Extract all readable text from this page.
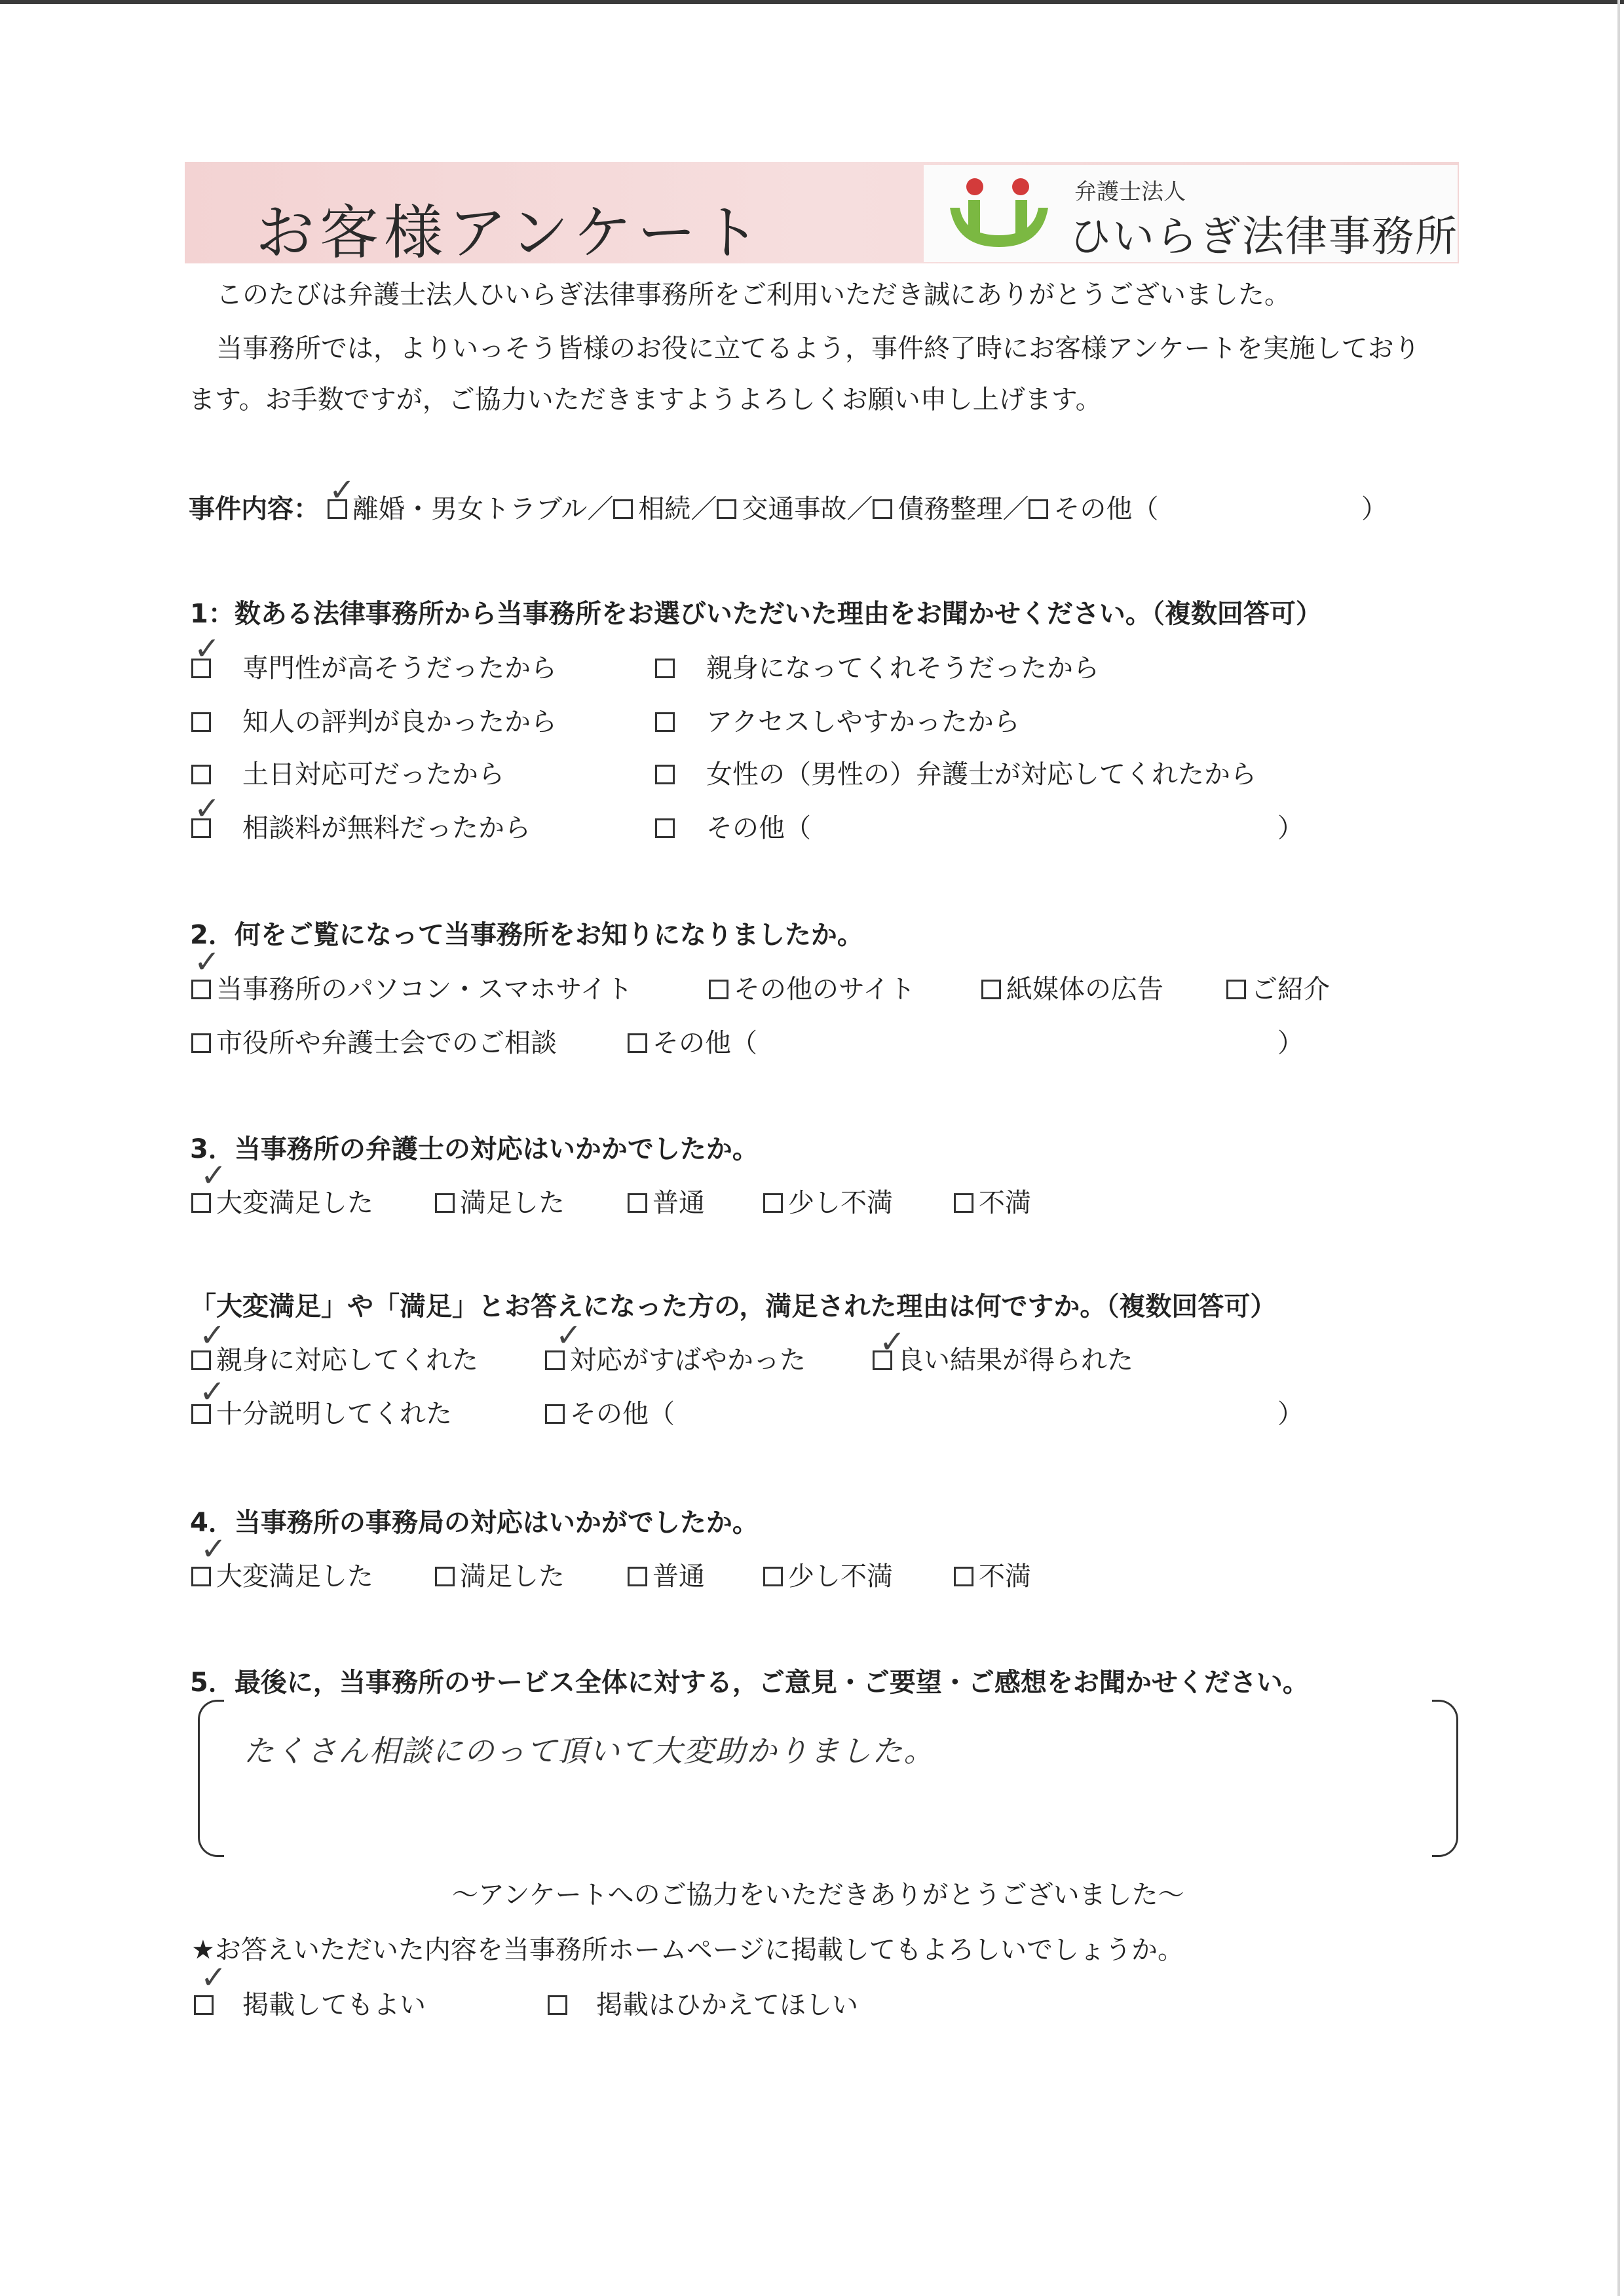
お客様アンケート
弁護士法人
ひいらぎ法律事務所
このたびは弁護士法人ひいらぎ法律事務所をご利用いただき誠にありがとうございました。
当事務所では，よりいっそう皆様のお役に立てるよう，事件終了時にお客様アンケートを実施しており
ます。お手数ですが，ご協力いただきますようよろしくお願い申し上げます。
事件内容：	離婚・男女トラブル／ 相続／ 交通事故／ 債務整理／ その他（	）
✓
1：数ある法律事務所から当事務所をお選びいただいた理由をお聞かせください。（複数回答可）
専門性が高そうだったから	親身になってくれそうだったから
知人の評判が良かったから	アクセスしやすかったから
土日対応可だったから	女性の（男性の）弁護士が対応してくれたから
相談料が無料だったから	その他（	）
✓
✓
2．何をご覧になって当事務所をお知りになりましたか。
当事務所のパソコン・スマホサイト	その他のサイト	紙媒体の広告	ご紹介
市役所や弁護士会でのご相談	その他（	）
✓
3．当事務所の弁護士の対応はいかかでしたか。
大変満足した	満足した	普通	少し不満	不満
✓
「大変満足」や「満足」とお答えになった方の，満足された理由は何ですか。（複数回答可）
親身に対応してくれた	対応がすばやかった	良い結果が得られた
十分説明してくれた	その他（	）
✓	✓	✓
✓
4．当事務所の事務局の対応はいかがでしたか。
大変満足した	満足した	普通	少し不満	不満
✓
5．最後に，当事務所のサービス全体に対する，ご意見・ご要望・ご感想をお聞かせください。
たくさん相談にのって頂いて大変助かりました。
～アンケートへのご協力をいただきありがとうございました～
★お答えいただいた内容を当事務所ホームページに掲載してもよろしいでしょうか。
掲載してもよい	掲載はひかえてほしい
✓
